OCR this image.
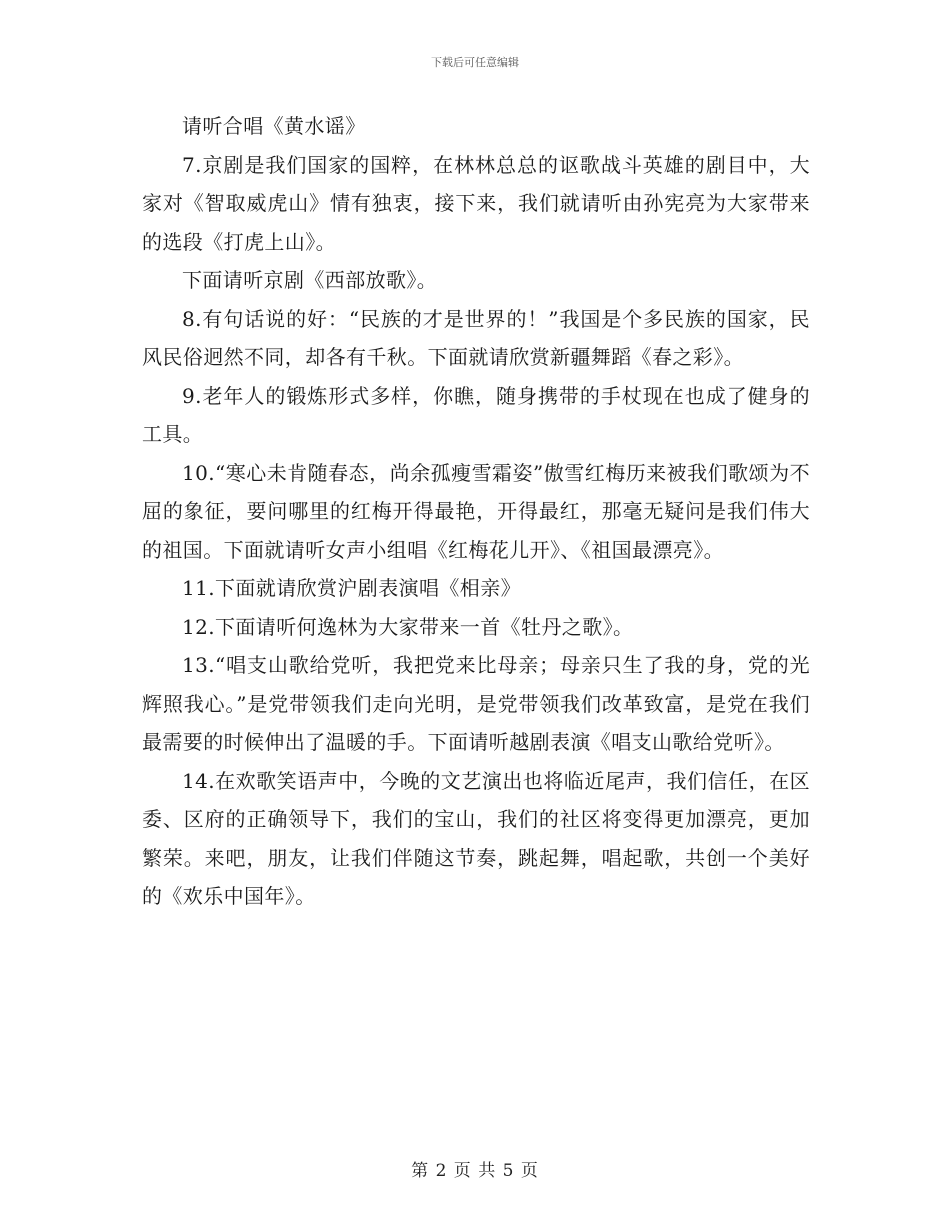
下载后可任意编辑

请听合唱《黄水谣》

7.京剧是我们国家的国粹，在林林总总的讴歌战斗英雄的剧目中，大家对《智取威虎山》情有独衷，接下来，我们就请听由孙宪亮为大家带来的选段《打虎上山》。

下面请听京剧《西部放歌》。

8.有句话说的好：“民族的才是世界的！”我国是个多民族的国家，民风民俗迥然不同，却各有千秋。下面就请欣赏新疆舞蹈《春之彩》。

9.老年人的锻炼形式多样，你瞧，随身携带的手杖现在也成了健身的工具。

10.“寒心未肯随春态，尚余孤瘦雪霜姿”傲雪红梅历来被我们歌颂为不屈的象征，要问哪里的红梅开得最艳，开得最红，那毫无疑问是我们伟大的祖国。下面就请听女声小组唱《红梅花儿开》、《祖国最漂亮》。

11.下面就请欣赏沪剧表演唱《相亲》

12.下面请听何逸林为大家带来一首《牡丹之歌》。

13.“唱支山歌给党听，我把党来比母亲；母亲只生了我的身，党的光辉照我心。”是党带领我们走向光明，是党带领我们改革致富，是党在我们最需要的时候伸出了温暖的手。下面请听越剧表演《唱支山歌给党听》。

14.在欢歌笑语声中，今晚的文艺演出也将临近尾声，我们信任，在区委、区府的正确领导下，我们的宝山，我们的社区将变得更加漂亮，更加繁荣。来吧，朋友，让我们伴随这节奏，跳起舞，唱起歌，共创一个美好的《欢乐中国年》。

第 2 页 共 5 页
